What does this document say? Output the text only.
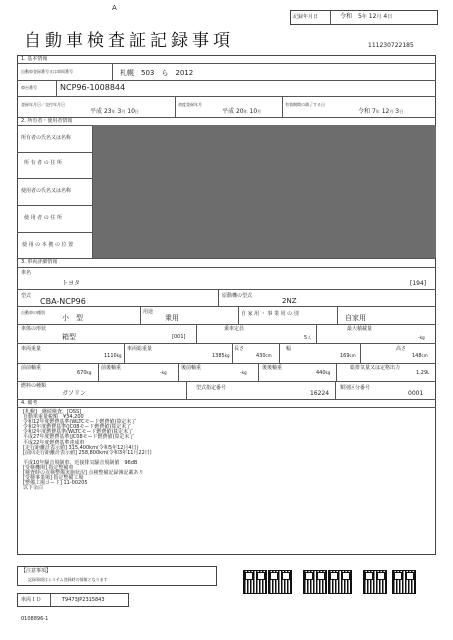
A
記録年月日	令和　 5年 12月 4日
自動車検査証記録事項	111230722185
1. 基本情報
自動車登録番号又は車両番号	札幌　503　ら　2012
車台番号	NCP96-1008844
登録年月日／交付年月日
平成 23年 3月 10日
初度登録年月
平成 20年 10月
有効期間の満了する日
令和 7年 12月 3日
2. 所有者・使用者情報
所有者の氏名又は名称
所 有 者 の 住 所
使用者の氏名又は名称
使 用 者 の 住 所
使 用 の 本 拠 の 位 置
3. 車両詳細情報
車名
トヨタ	[194]
型式
CBA-NCP96
原動機の型式
2NZ
自動車の種別
小　型
用途
乗用	自 家 用 ・ 事 業 用 の 別	自家用
車体の形状
箱型	[001]
乗車定員
5人
最大積載量
-kg
車両重量
1110kg
車両総重量
1385kg
長さ
430cm
幅
169cm
高さ
148cm
前前軸重
670kg
前後軸重
-kg
後前軸重
-kg
後後軸重
440kg
総排気量又は定格出力
1.29L
燃料の種類
ガソリン
型式指定番号
16224
類別区分番号
0001
4. 備考
[札幌]　継続検査、[OSS]
自動車重量税額　¥34,200
令和12年度燃費基準(WLTCモード燃費値)算定未了
令和2年度燃費基準(JC08モード燃費値)算定未了
令和2年度燃費基準(WLTCモード燃費値)算定未了
平成27年度燃費基準(JC08モード燃費値)算定未了
平成22年度燃費基準達成車
[走行距離計表示値] 315,400km(令和5年12月4日)
[前回走行距離計表示値] 258,800km(令和3年11月22日)
平成10年騒音規制車、近接排気騒音規制値　96dB
[受検機関] 指定整備車
[検査時の点検整備実施状況] 点検整備記録簿記載あり
[受検事業場] 指定整備工場
[整備工場コード] 11-00205
以下余白
【注意事項】
記録事項はシステム登録時の情報となります
車両ＩＤ	T9473JP2315843
0108896-1
